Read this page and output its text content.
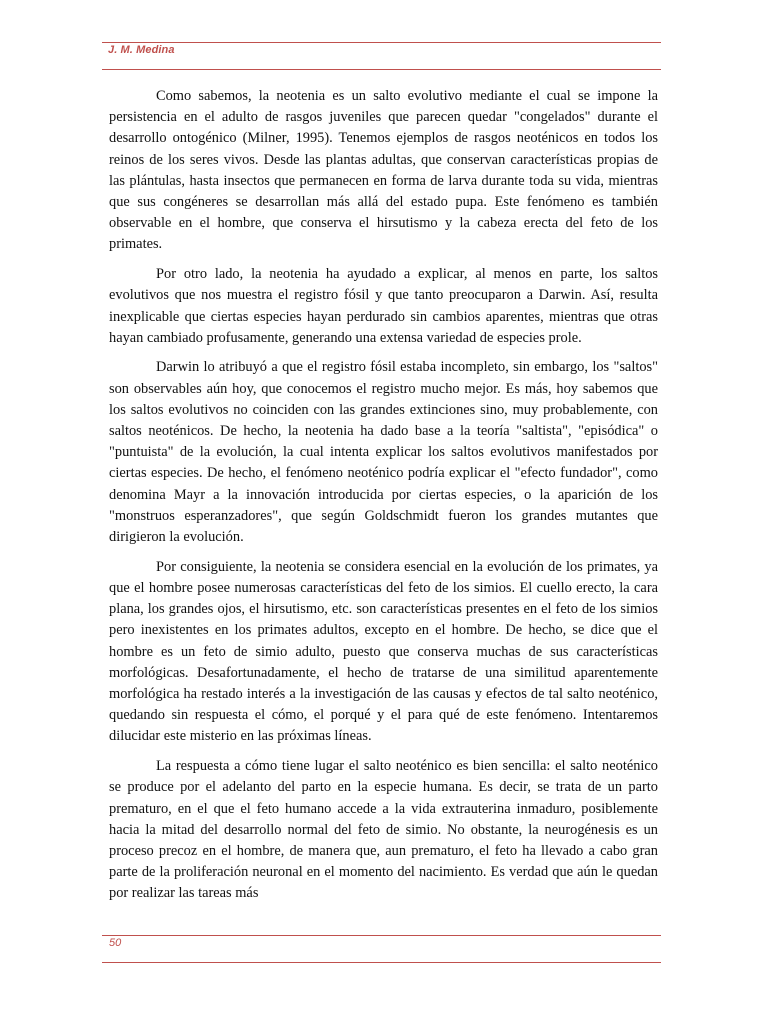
J. M. Medina

Como sabemos, la neotenia es un salto evolutivo mediante el cual se impone la persistencia en el adulto de rasgos juveniles que parecen quedar "congelados" durante el desarrollo ontogénico (Milner, 1995). Tenemos ejemplos de rasgos neoténicos en todos los reinos de los seres vivos. Desde las plantas adultas, que conservan características propias de las plántulas, hasta insectos que permanecen en forma de larva durante toda su vida, mientras que sus congéneres se desarrollan más allá del estado pupa. Este fenómeno es también observable en el hombre, que conserva el hirsutismo y la cabeza erecta del feto de los primates.

Por otro lado, la neotenia ha ayudado a explicar, al menos en parte, los saltos evolutivos que nos muestra el registro fósil y que tanto preocuparon a Darwin. Así, resulta inexplicable que ciertas especies hayan perdurado sin cambios aparentes, mientras que otras hayan cambiado profusamente, generando una extensa variedad de especies prole.

Darwin lo atribuyó a que el registro fósil estaba incompleto, sin embargo, los "saltos" son observables aún hoy, que conocemos el registro mucho mejor. Es más, hoy sabemos que los saltos evolutivos no coinciden con las grandes extinciones sino, muy probablemente, con saltos neoténicos. De hecho, la neotenia ha dado base a la teoría "saltista", "episódica" o "puntuista" de la evolución, la cual intenta explicar los saltos evolutivos manifestados por ciertas especies. De hecho, el fenómeno neoténico podría explicar el "efecto fundador", como denomina Mayr a la innovación introducida por ciertas especies, o la aparición de los "monstruos esperanzadores", que según Goldschmidt fueron los grandes mutantes que dirigieron la evolución.

Por consiguiente, la neotenia se considera esencial en la evolución de los primates, ya que el hombre posee numerosas características del feto de los simios. El cuello erecto, la cara plana, los grandes ojos, el hirsutismo, etc. son características presentes en el feto de los simios pero inexistentes en los primates adultos, excepto en el hombre. De hecho, se dice que el hombre es un feto de simio adulto, puesto que conserva muchas de sus características morfológicas. Desafortunadamente, el hecho de tratarse de una similitud aparentemente morfológica ha restado interés a la investigación de las causas y efectos de tal salto neoténico, quedando sin respuesta el cómo, el porqué y el para qué de este fenómeno. Intentaremos dilucidar este misterio en las próximas líneas.

La respuesta a cómo tiene lugar el salto neoténico es bien sencilla: el salto neoténico se produce por el adelanto del parto en la especie humana. Es decir, se trata de un parto prematuro, en el que el feto humano accede a la vida extrauterina inmaduro, posiblemente hacia la mitad del desarrollo normal del feto de simio. No obstante, la neurogénesis es un proceso precoz en el hombre, de manera que, aun prematuro, el feto ha llevado a cabo gran parte de la proliferación neuronal en el momento del nacimiento. Es verdad que aún le quedan por realizar las tareas más

50
